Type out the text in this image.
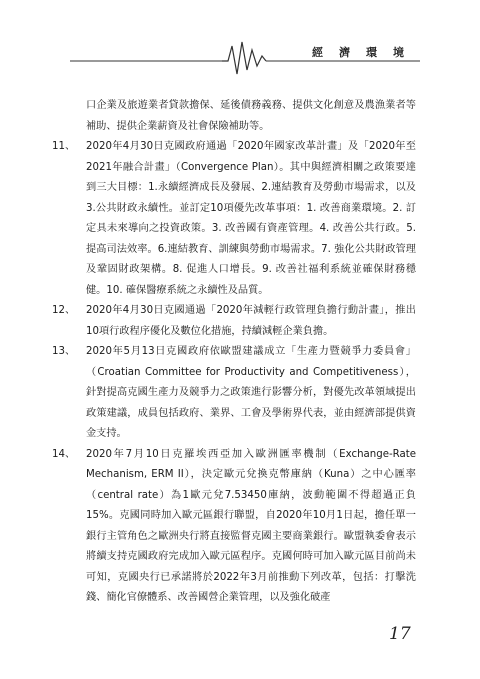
經濟環境

口企業及旅遊業者貸款擔保、延後債務義務、提供文化創意及農漁業者等補助、提供企業薪資及社會保險補助等。

11、	2020年4月30日克國政府通過「2020年國家改革計畫」及「2020年至2021年融合計畫」（Convergence Plan）。其中與經濟相關之政策要達到三大目標：1.永續經濟成長及發展、2.連結教育及勞動市場需求，以及3.公共財政永續性。並訂定10項優先改革事項：1. 改善商業環境。2. 訂定具未來導向之投資政策。3. 改善國有資產管理。4. 改善公共行政。5. 提高司法效率。6.連結教育、訓練與勞動市場需求。7. 強化公共財政管理及鞏固財政架構。8. 促進人口增長。9. 改善社福利系統並確保財務穩健。10. 確保醫療系統之永續性及品質。
12、	2020年4月30日克國通過「2020年減輕行政管理負擔行動計畫」，推出10項行政程序優化及數位化措施，持續減輕企業負擔。
13、	2020年5月13日克國政府依歐盟建議成立「生產力暨競爭力委員會」（Croatian Committee for Productivity and Competitiveness），針對提高克國生產力及競爭力之政策進行影響分析，對優先改革領域提出政策建議，成員包括政府、業界、工會及學術界代表，並由經濟部提供資金支持。
14、	2020年7月10日克羅埃西亞加入歐洲匯率機制（Exchange-Rate Mechanism, ERM II），決定歐元兌換克幣庫納（Kuna）之中心匯率（central rate）為1歐元兌7.53450庫納，波動範圍不得超過正負15%。克國同時加入歐元區銀行聯盟，自2020年10月1日起，擔任單一銀行主管角色之歐洲央行將直接監督克國主要商業銀行。歐盟執委會表示將續支持克國政府完成加入歐元區程序。克國何時可加入歐元區目前尚未可知，克國央行已承諾將於2022年3月前推動下列改革，包括：打擊洗錢、簡化官僚體系、改善國營企業管理，以及強化破產
17
